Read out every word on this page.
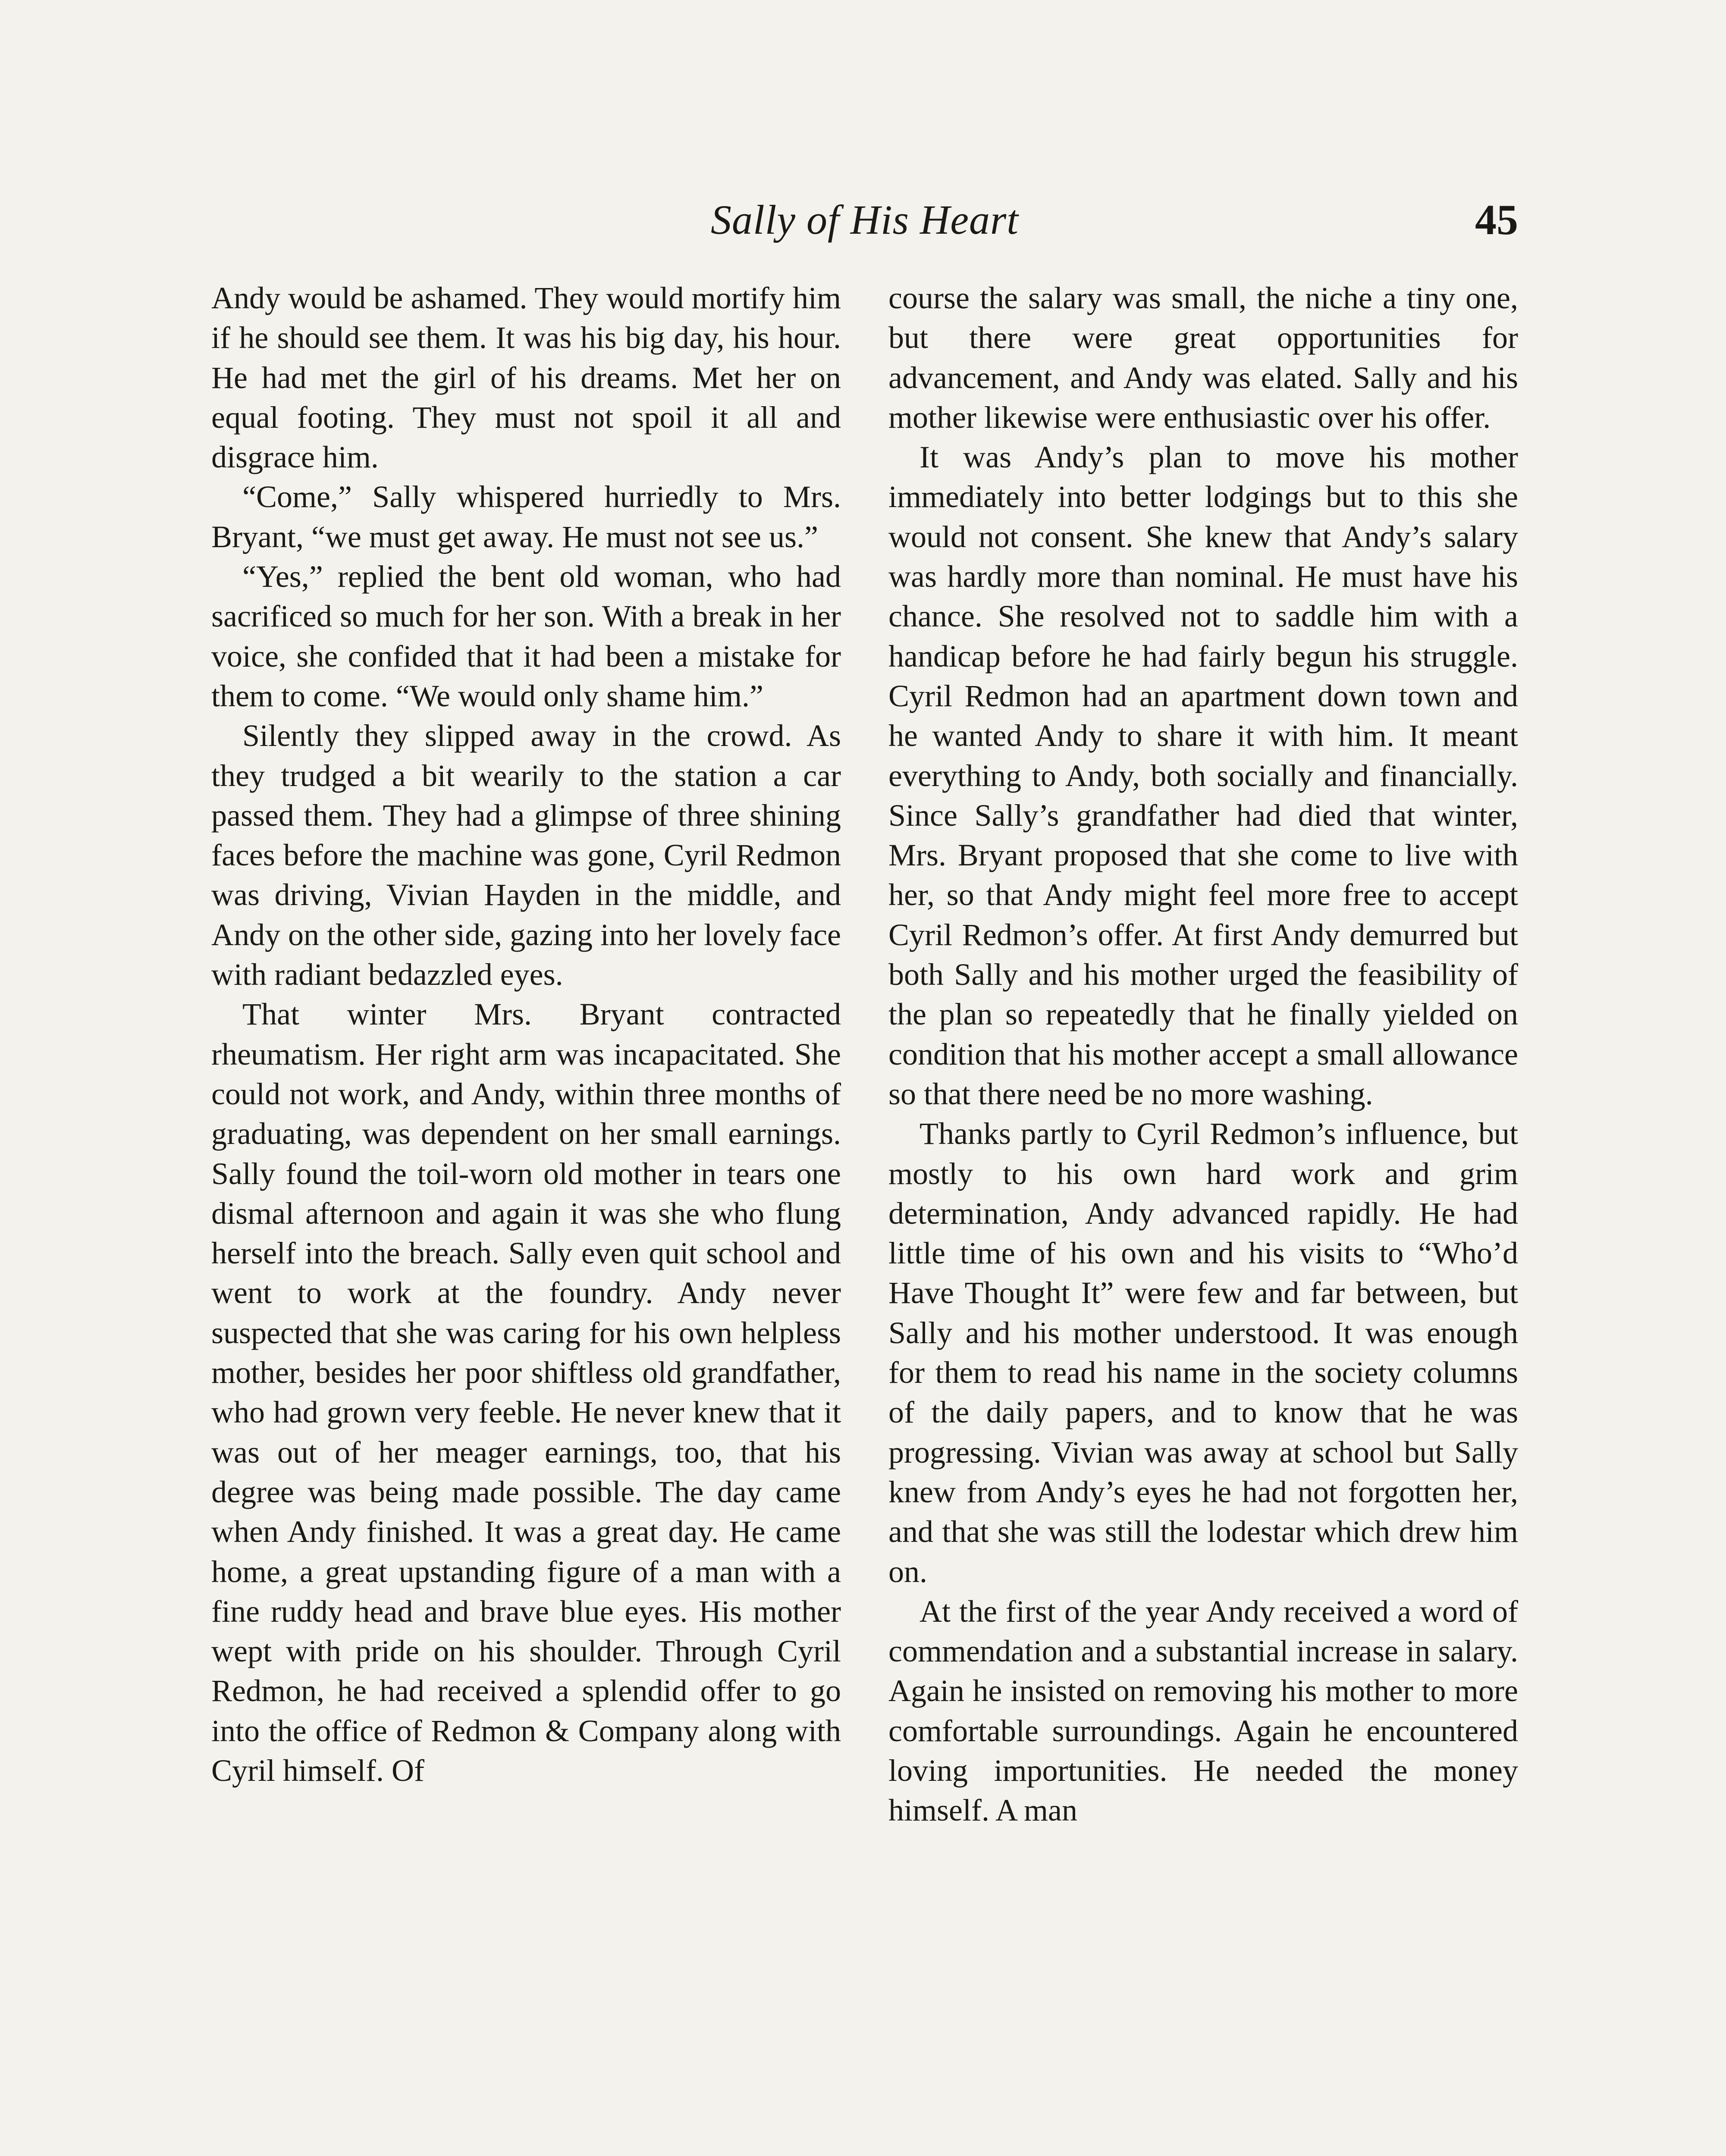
Sally of His Heart	45

Andy would be ashamed. They would mortify him if he should see them. It was his big day, his hour. He had met the girl of his dreams. Met her on equal footing. They must not spoil it all and disgrace him.

“Come,” Sally whispered hurriedly to Mrs. Bryant, “we must get away. He must not see us.”

“Yes,” replied the bent old woman, who had sacrificed so much for her son. With a break in her voice, she confided that it had been a mistake for them to come. “We would only shame him.”

Silently they slipped away in the crowd. As they trudged a bit wearily to the station a car passed them. They had a glimpse of three shining faces before the machine was gone, Cyril Redmon was driving, Vivian Hayden in the middle, and Andy on the other side, gazing into her lovely face with radiant bedazzled eyes.

That winter Mrs. Bryant contracted rheumatism. Her right arm was incapacitated. She could not work, and Andy, within three months of graduating, was dependent on her small earnings. Sally found the toil-worn old mother in tears one dismal afternoon and again it was she who flung herself into the breach. Sally even quit school and went to work at the foundry. Andy never suspected that she was caring for his own helpless mother, besides her poor shiftless old grandfather, who had grown very feeble. He never knew that it was out of her meager earnings, too, that his degree was being made possible. The day came when Andy finished. It was a great day. He came home, a great upstanding figure of a man with a fine ruddy head and brave blue eyes. His mother wept with pride on his shoulder. Through Cyril Redmon, he had received a splendid offer to go into the office of Redmon & Company along with Cyril himself. Of

course the salary was small, the niche a tiny one, but there were great opportunities for advancement, and Andy was elated. Sally and his mother likewise were enthusiastic over his offer.

It was Andy’s plan to move his mother immediately into better lodgings but to this she would not consent. She knew that Andy’s salary was hardly more than nominal. He must have his chance. She resolved not to saddle him with a handicap before he had fairly begun his struggle. Cyril Redmon had an apartment down town and he wanted Andy to share it with him. It meant everything to Andy, both socially and financially. Since Sally’s grandfather had died that winter, Mrs. Bryant proposed that she come to live with her, so that Andy might feel more free to accept Cyril Redmon’s offer. At first Andy demurred but both Sally and his mother urged the feasibility of the plan so repeatedly that he finally yielded on condition that his mother accept a small allowance so that there need be no more washing.

Thanks partly to Cyril Redmon’s influence, but mostly to his own hard work and grim determination, Andy advanced rapidly. He had little time of his own and his visits to “Who’d Have Thought It” were few and far between, but Sally and his mother understood. It was enough for them to read his name in the society columns of the daily papers, and to know that he was progressing. Vivian was away at school but Sally knew from Andy’s eyes he had not forgotten her, and that she was still the lodestar which drew him on.

At the first of the year Andy received a word of commendation and a substantial increase in salary. Again he insisted on removing his mother to more comfortable surroundings. Again he encountered loving importunities. He needed the money himself. A man
